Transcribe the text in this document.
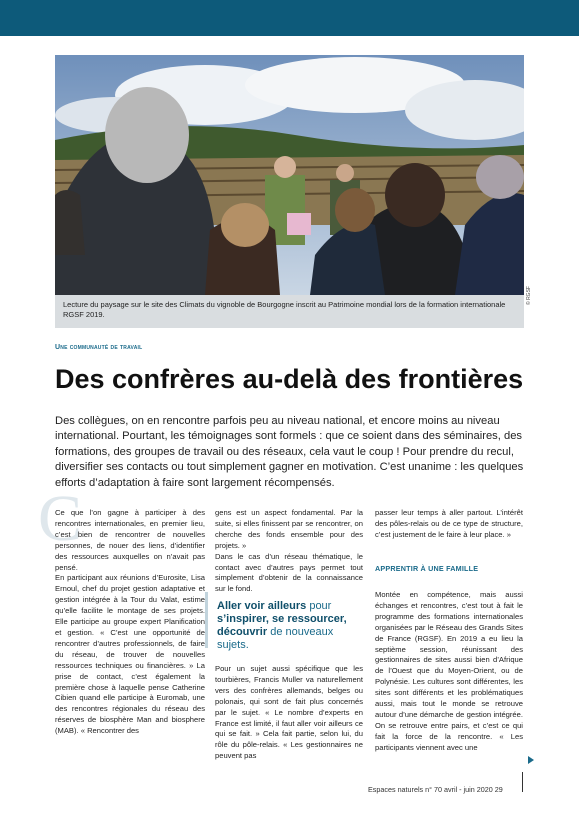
Lecture du paysage sur le site des Climats du vignoble de Bourgogne inscrit au Patrimoine mondial lors de la formation internationale RGSF 2019.
© RGSF
Une communauté de travail
Des confrères au-delà des frontières

Des collègues, on en rencontre parfois peu au niveau national, et encore moins au niveau international. Pourtant, les témoignages sont formels : que ce soient dans des séminaires, des formations, des groupes de travail ou des réseaux, cela vaut le coup ! Pour prendre du recul, diversifier ses contacts ou tout simplement gagner en motivation. C’est unanime : les quelques efforts d’adaptation à faire sont largement récompensés.

C

Ce que l’on gagne à participer à des rencontres internationales, en premier lieu, c’est bien de rencontrer de nouvelles personnes, de nouer des liens, d’identifier des ressources auxquelles on n’avait pas pensé.

En participant aux réunions d’Eurosite, Lisa Ernoul, chef du projet gestion adaptative et gestion intégrée à la Tour du Valat, estime qu’elle facilite le montage de ses projets. Elle participe au groupe expert Planification et gestion. « C’est une opportunité de rencontrer d’autres professionnels, de faire du réseau, de trouver de nouvelles ressources techniques ou financières. » La prise de contact, c’est également la première chose à laquelle pense Catherine Cibien quand elle participe à Euromab, une des rencontres régionales du réseau des réserves de biosphère Man and biosphere (MAB). « Rencontrer des

gens est un aspect fondamental. Par la suite, si elles finissent par se rencontrer, on cherche des fonds ensemble pour des projets. »

Dans le cas d’un réseau thématique, le contact avec d’autres pays permet tout simplement d’obtenir de la connaissance sur le fond.

Aller voir ailleurs pour s’inspirer, se ressourcer, découvrir de nouveaux sujets.

Pour un sujet aussi spécifique que les tourbières, Francis Muller va naturellement vers des confrères allemands, belges ou polonais, qui sont de fait plus concernés par le sujet. « Le nombre d’experts en France est limité, il faut aller voir ailleurs ce qui se fait. » Cela fait partie, selon lui, du rôle du pôle-relais. « Les gestionnaires ne peuvent pas

passer leur temps à aller partout. L’intérêt des pôles-relais ou de ce type de structure, c’est justement de le faire à leur place. »

APPRENTIR À UNE FAMILLE

Montée en compétence, mais aussi échanges et rencontres, c’est tout à fait le programme des formations internationales organisées par le Réseau des Grands Sites de France (RGSF). En 2019 a eu lieu la septième session, réunissant des gestionnaires de sites aussi bien d’Afrique de l’Ouest que du Moyen-Orient, ou de Polynésie. Les cultures sont différentes, les sites sont différents et les problématiques aussi, mais tout le monde se retrouve autour d’une démarche de gestion intégrée. On se retrouve entre pairs, et c’est ce qui fait la force de la rencontre. « Les participants viennent avec une

Espaces naturels n° 70 avril - juin 2020 29
